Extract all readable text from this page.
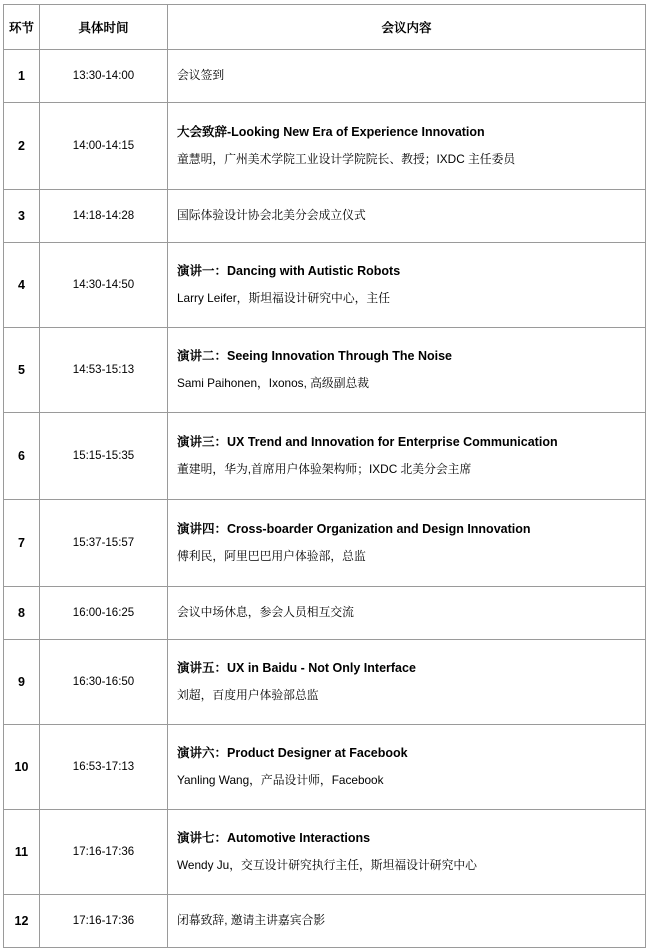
环节	具体时间	会议内容
1	13:30-14:00	会议签到

2	14:00-14:15	大会致辞-Looking New Era of Experience Innovation

童慧明，广州美术学院工业设计学院院长、教授；IXDC 主任委员

3	14:18-14:28	国际体验设计协会北美分会成立仪式

4	14:30-14:50	演讲一：Dancing with Autistic Robots

Larry Leifer，斯坦福设计研究中心，主任

5	14:53-15:13	演讲二：Seeing Innovation Through The Noise

Sami Paihonen，Ixonos, 高级副总裁

6	15:15-15:35	演讲三：UX Trend and Innovation for Enterprise Communication

董建明，华为,首席用户体验架构师；IXDC 北美分会主席

7	15:37-15:57	演讲四：Cross-boarder Organization and Design Innovation

傅利民，阿里巴巴用户体验部，总监

8	16:00-16:25	会议中场休息，参会人员相互交流

9	16:30-16:50	演讲五：UX in Baidu - Not Only Interface

刘超，百度用户体验部总监

10	16:53-17:13	演讲六：Product Designer at Facebook

Yanling Wang，产品设计师，Facebook

11	17:16-17:36	演讲七：Automotive Interactions

Wendy Ju，交互设计研究执行主任，斯坦福设计研究中心

12	17:16-17:36	闭幕致辞, 邀请主讲嘉宾合影
